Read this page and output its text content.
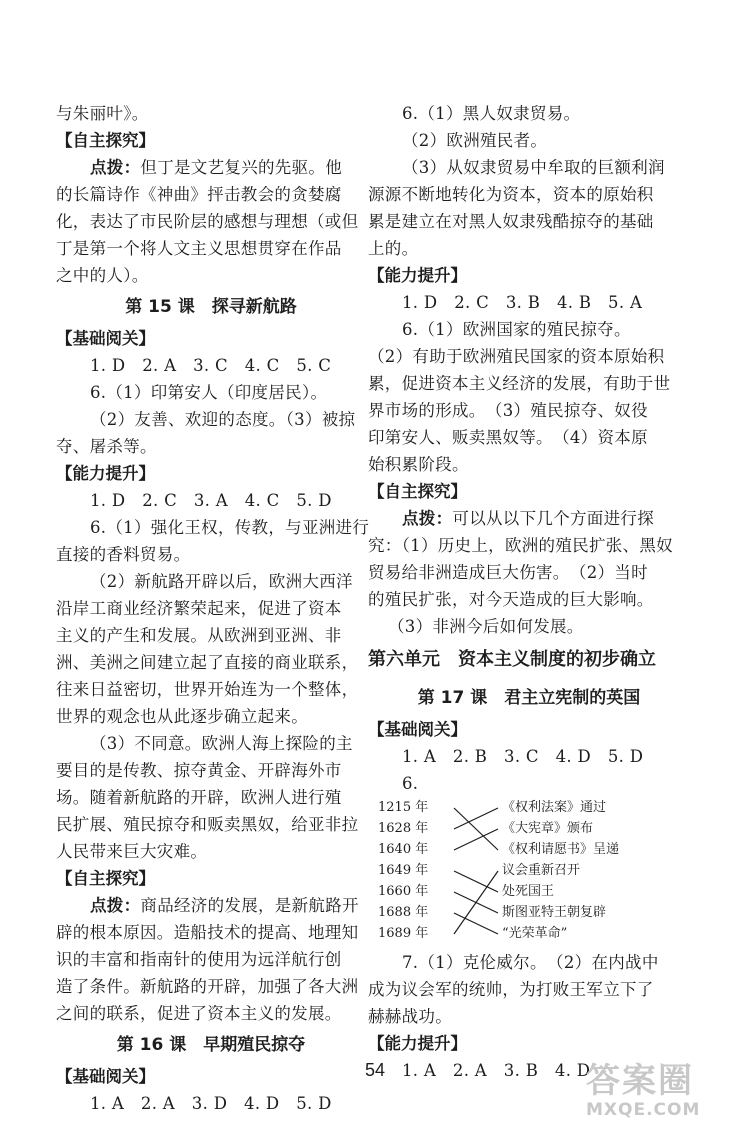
与朱丽叶》。
【自主探究】
点拨：但丁是文艺复兴的先驱。他
的长篇诗作《神曲》抨击教会的贪婪腐
化，表达了市民阶层的感想与理想（或但
丁是第一个将人文主义思想贯穿在作品
之中的人）。
第 15 课　探寻新航路
【基础阅关】
1. D　2. A　3. C　4. C　5. C
6.（1）印第安人（印度居民）。
（2）友善、欢迎的态度。（3）被掠
夺、屠杀等。
【能力提升】
1. D　2. C　3. A　4. C　5. D
6.（1）强化王权，传教，与亚洲进行
直接的香料贸易。
（2）新航路开辟以后，欧洲大西洋
沿岸工商业经济繁荣起来，促进了资本
主义的产生和发展。从欧洲到亚洲、非
洲、美洲之间建立起了直接的商业联系，
往来日益密切，世界开始连为一个整体，
世界的观念也从此逐步确立起来。
（3）不同意。欧洲人海上探险的主
要目的是传教、掠夺黄金、开辟海外市
场。随着新航路的开辟，欧洲人进行殖
民扩展、殖民掠夺和贩卖黑奴，给亚非拉
人民带来巨大灾难。
【自主探究】
点拨：商品经济的发展，是新航路开
辟的根本原因。造船技术的提高、地理知
识的丰富和指南针的使用为远洋航行创
造了条件。新航路的开辟，加强了各大洲
之间的联系，促进了资本主义的发展。
第 16 课　早期殖民掠夺
【基础阅关】
1. A　2. A　3. D　4. D　5. D
6.（1）黑人奴隶贸易。
（2）欧洲殖民者。
（3）从奴隶贸易中牟取的巨额利润
源源不断地转化为资本，资本的原始积
累是建立在对黑人奴隶残酷掠夺的基础
上的。
【能力提升】
1. D　2. C　3. B　4. B　5. A
6.（1）欧洲国家的殖民掠夺。
（2）有助于欧洲殖民国家的资本原始积
累，促进资本主义经济的发展，有助于世
界市场的形成。　（3）殖民掠夺、奴役
印第安人、贩卖黑奴等。　（4）资本原
始积累阶段。
【自主探究】
点拨：可以从以下几个方面进行探
究：（1）历史上，欧洲的殖民扩张、黑奴
贸易给非洲造成巨大伤害。　（2）当时
的殖民扩张，对今天造成的巨大影响。
（3）非洲今后如何发展。
第六单元　资本主义制度的初步确立
第 17 课　君主立宪制的英国
【基础阅关】
1. A　2. B　3. C　4. D　5. D
6.
1215 年
1628 年
1640 年
1649 年
1660 年
1688 年
1689 年
《权利法案》通过
《大宪章》颁布
《权利请愿书》呈递
议会重新召开
处死国王
斯图亚特王朝复辟
“光荣革命”
7.（1）克伦威尔。　（2）在内战中
成为议会军的统帅，为打败王军立下了
赫赫战功。
【能力提升】
1. A　2. A　3. B　4. D
54	答案圈
MXQE.COM
